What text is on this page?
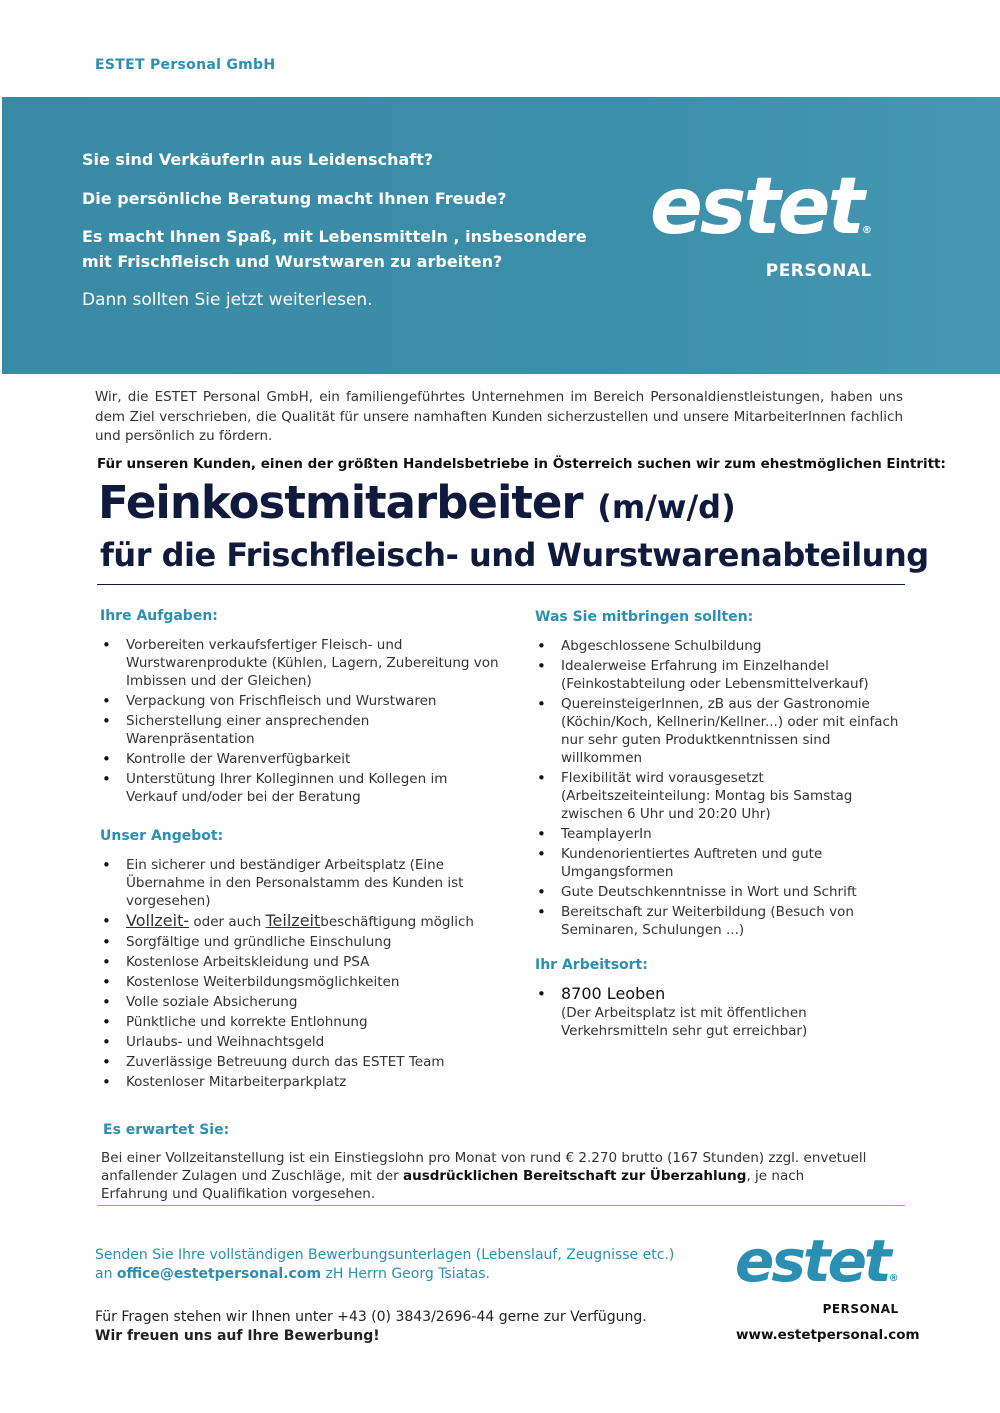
ESTET Personal GmbH
Sie sind VerkäuferIn aus Leidenschaft?
Die persönliche Beratung macht Ihnen Freude?
Es macht Ihnen Spaß, mit Lebensmitteln , insbesondere
mit Frischfleisch und Wurstwaren zu arbeiten?
Dann sollten Sie jetzt weiterlesen.
estet®
PERSONAL
Wir, die ESTET Personal GmbH, ein familiengeführtes Unternehmen im Bereich Personaldienstleistungen, haben uns dem Ziel verschrieben, die Qualität für unsere namhaften Kunden sicherzustellen und unsere MitarbeiterInnen fachlich und persönlich zu fördern.
Für unseren Kunden, einen der größten Handelsbetriebe in Österreich suchen wir zum ehestmöglichen Eintritt:
Feinkostmitarbeiter (m/w/d)
für die Frischfleisch- und Wurstwarenabteilung
Ihre Aufgaben:
• Vorbereiten verkaufsfertiger Fleisch- und Wurstwarenprodukte (Kühlen, Lagern, Zubereitung von Imbissen und der Gleichen)
• Verpackung von Frischfleisch und Wurstwaren
• Sicherstellung einer ansprechenden Warenpräsentation
• Kontrolle der Warenverfügbarkeit
• Unterstütung Ihrer Kolleginnen und Kollegen im Verkauf und/oder bei der Beratung
Unser Angebot:
• Ein sicherer und beständiger Arbeitsplatz (Eine Übernahme in den Personalstamm des Kunden ist vorgesehen)
• Vollzeit- oder auch Teilzeitbeschäftigung möglich
• Sorgfältige und gründliche Einschulung
• Kostenlose Arbeitskleidung und PSA
• Kostenlose Weiterbildungsmöglichkeiten
• Volle soziale Absicherung
• Pünktliche und korrekte Entlohnung
• Urlaubs- und Weihnachtsgeld
• Zuverlässige Betreuung durch das ESTET Team
• Kostenloser Mitarbeiterparkplatz
Was Sie mitbringen sollten:
• Abgeschlossene Schulbildung
• Idealerweise Erfahrung im Einzelhandel (Feinkostabteilung oder Lebensmittelverkauf)
• QuereinsteigerInnen, zB aus der Gastronomie (Köchin/Koch, Kellnerin/Kellner...) oder mit einfach nur sehr guten Produktkenntnissen sind willkommen
• Flexibilität wird vorausgesetzt (Arbeitszeiteinteilung: Montag bis Samstag zwischen 6 Uhr und 20:20 Uhr)
• TeamplayerIn
• Kundenorientiertes Auftreten und gute Umgangsformen
• Gute Deutschkenntnisse in Wort und Schrift
• Bereitschaft zur Weiterbildung (Besuch von Seminaren, Schulungen ...)
Ihr Arbeitsort:
• 8700 Leoben
(Der Arbeitsplatz ist mit öffentlichen Verkehrsmitteln sehr gut erreichbar)
Es erwartet Sie:
Bei einer Vollzeitanstellung ist ein Einstiegslohn pro Monat von rund € 2.270 brutto (167 Stunden) zzgl. envetuell anfallender Zulagen und Zuschläge, mit der ausdrücklichen Bereitschaft zur Überzahlung, je nach Erfahrung und Qualifikation vorgesehen.
Senden Sie Ihre vollständigen Bewerbungsunterlagen (Lebenslauf, Zeugnisse etc.)
an office@estetpersonal.com zH Herrn Georg Tsiatas.
Für Fragen stehen wir Ihnen unter +43 (0) 3843/2696-44 gerne zur Verfügung.
Wir freuen uns auf Ihre Bewerbung!
estet®
PERSONAL
www.estetpersonal.com
